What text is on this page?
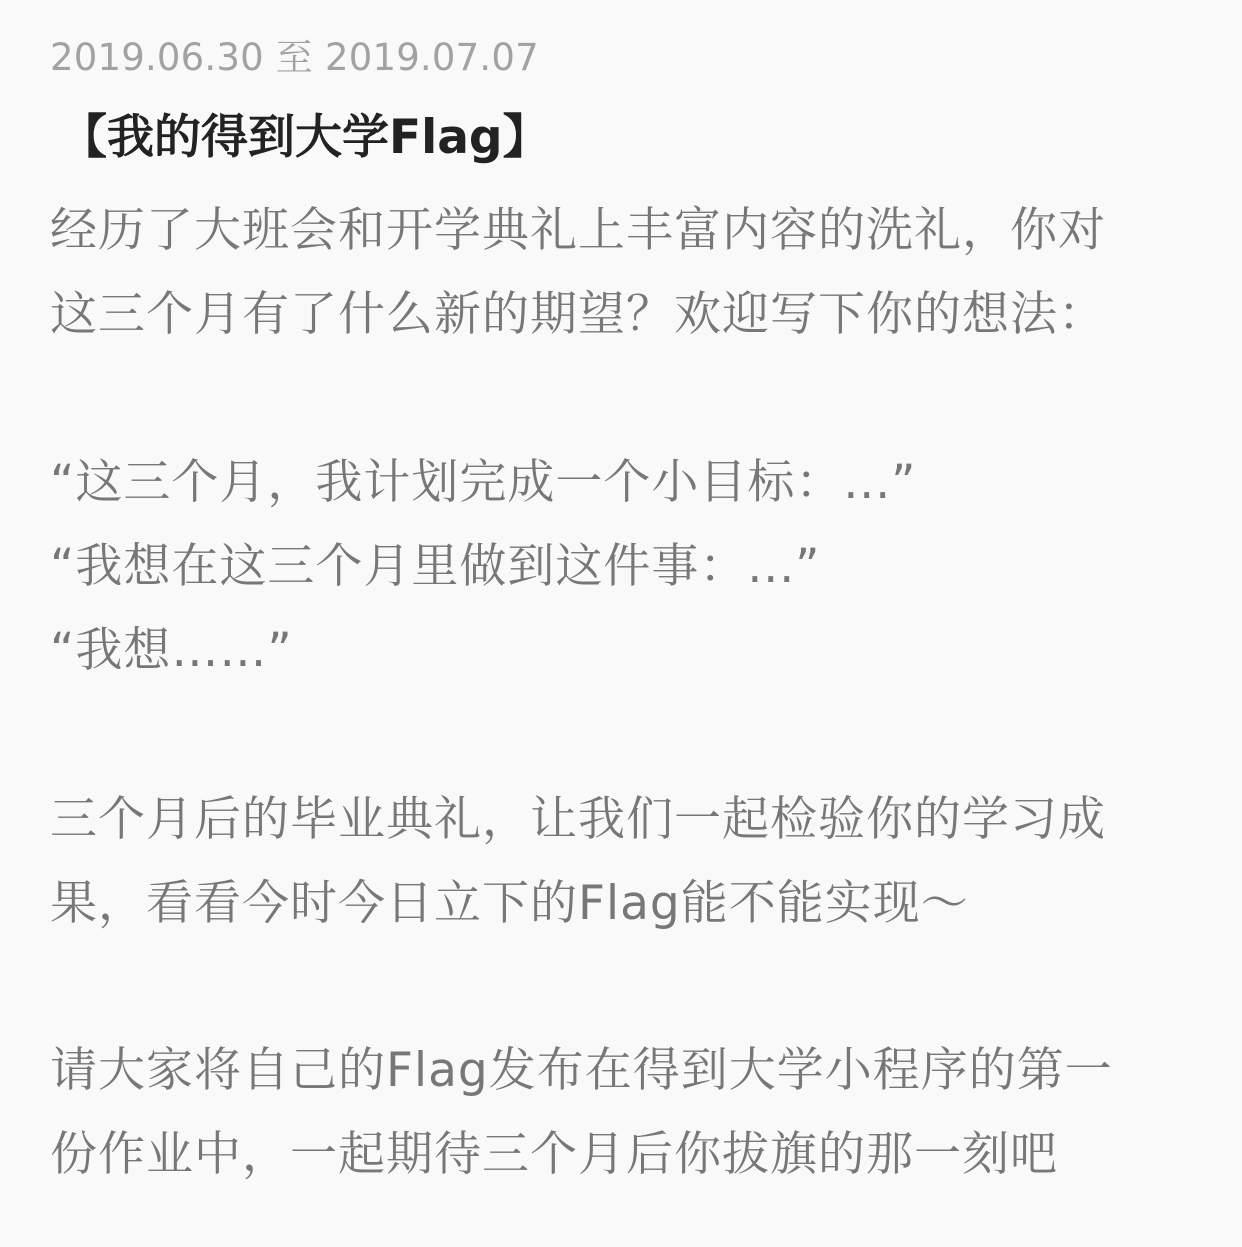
2019.06.30 至 2019.07.07
【我的得到大学Flag】
经历了大班会和开学典礼上丰富内容的洗礼，你对
这三个月有了什么新的期望？欢迎写下你的想法：
“这三个月，我计划完成一个小目标：...”
“我想在这三个月里做到这件事：...”
“我想……”
三个月后的毕业典礼，让我们一起检验你的学习成
果，看看今时今日立下的Flag能不能实现～
请大家将自己的Flag发布在得到大学小程序的第一
份作业中，一起期待三个月后你拔旗的那一刻吧
